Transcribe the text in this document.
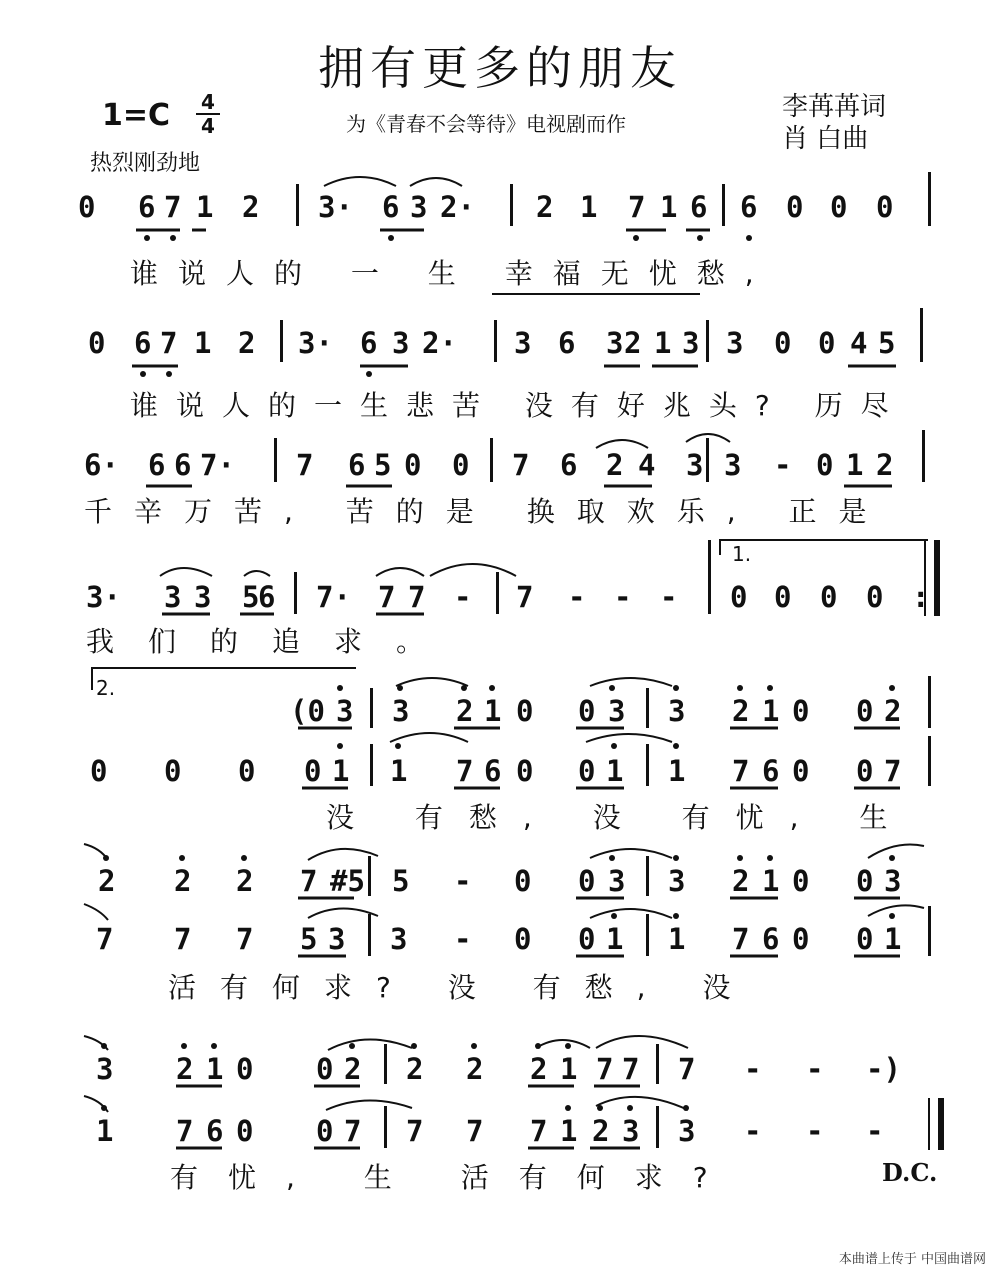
拥有更多的朋友
1=C 4
4	为《青春不会等待》电视剧而作
李苒苒词
肖 白曲
热烈刚劲地
0 6 7 1 2 3· 6 3 2· 2 1 7 1 6 6 0 0 0
谁说人的 一 生 幸福无忧愁,
0 6 7 1 2 3· 6 3 2· 3 6 3 2 1 3 3 0 0 4 5
谁说人的一生悲苦 没有好兆头? 历尽
6· 6 6 7· 7 6 5 0 0 7 6 2 4 3 3 - 0 1 2
千辛万苦, 苦的是 换取欢乐, 正是
1.
3· 3 3 5
6 7· 7 7 - 7 - - - 0 0 0 0 :
我们的追求。
2.
(0 3 3 2 1 0 0 3 3 2 1 0 0 2
0 0 0 0 1 1 7 6 0 0 1 1 7 6 0 0 7
没 有愁, 没 有忧, 生
2 2 2 7 #5 5 - 0 0 3 3 2 1 0 0 3
7 7 7 5 3 3 - 0 0 1 1 7 6 0 0 1
活有何求? 没 有愁, 没
3 2 1 0 0 2 2 2 2 1 7 7 7 - - -)
1 7 6 0 0 7 7 7 7 1 2 3 3 - - -
有忧, 生 活有何求?	D.C.
本曲谱上传于 中国曲谱网
